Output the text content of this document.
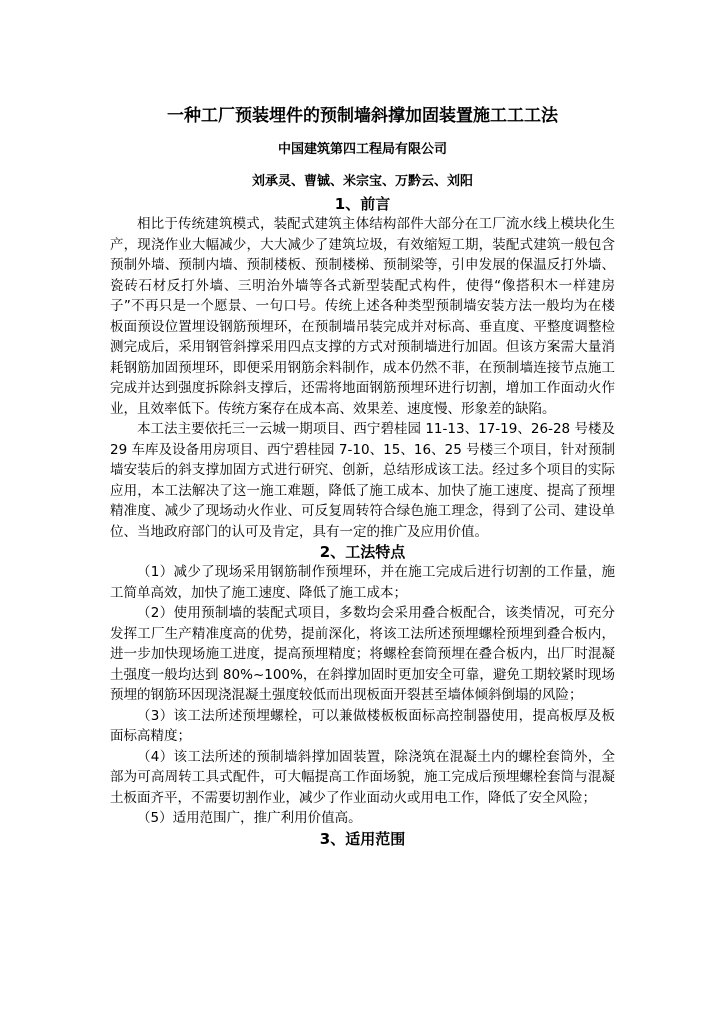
一种工厂预装埋件的预制墙斜撑加固装置施工工工法
中国建筑第四工程局有限公司
刘承灵、曹铖、米宗宝、万黔云、刘阳
1、前言

相比于传统建筑模式，装配式建筑主体结构部件大部分在工厂流水线上模块化生产，现浇作业大幅减少，大大减少了建筑垃圾，有效缩短工期，装配式建筑一般包含预制外墙、预制内墙、预制楼板、预制楼梯、预制梁等，引申发展的保温反打外墙、瓷砖石材反打外墙、三明治外墙等各式新型装配式构件，使得“像搭积木一样建房子”不再只是一个愿景、一句口号。传统上述各种类型预制墙安装方法一般均为在楼板面预设位置埋设钢筋预埋环，在预制墙吊装完成并对标高、垂直度、平整度调整检测完成后，采用钢管斜撑采用四点支撑的方式对预制墙进行加固。但该方案需大量消耗钢筋加固预埋环，即便采用钢筋余料制作，成本仍然不菲，在预制墙连接节点施工完成并达到强度拆除斜支撑后，还需将地面钢筋预埋环进行切割，增加工作面动火作业，且效率低下。传统方案存在成本高、效果差、速度慢、形象差的缺陷。

本工法主要依托三一云城一期项目、西宁碧桂园 11-13、17-19、26-28 号楼及 29 车库及设备用房项目、西宁碧桂园 7-10、15、16、25 号楼三个项目，针对预制墙安装后的斜支撑加固方式进行研究、创新，总结形成该工法。经过多个项目的实际应用，本工法解决了这一施工难题，降低了施工成本、加快了施工速度、提高了预埋精准度、减少了现场动火作业、可反复周转符合绿色施工理念，得到了公司、建设单位、当地政府部门的认可及肯定，具有一定的推广及应用价值。

2、工法特点

（1）减少了现场采用钢筋制作预埋环，并在施工完成后进行切割的工作量，施工简单高效，加快了施工速度、降低了施工成本；

（2）使用预制墙的装配式项目，多数均会采用叠合板配合，该类情况，可充分发挥工厂生产精准度高的优势，提前深化，将该工法所述预埋螺栓预埋到叠合板内，进一步加快现场施工进度，提高预埋精度；将螺栓套筒预埋在叠合板内，出厂时混凝土强度一般均达到 80%~100%，在斜撑加固时更加安全可靠，避免工期较紧时现场预埋的钢筋环因现浇混凝土强度较低而出现板面开裂甚至墙体倾斜倒塌的风险；

（3）该工法所述预埋螺栓，可以兼做楼板板面标高控制器使用，提高板厚及板面标高精度；

（4）该工法所述的预制墙斜撑加固装置，除浇筑在混凝土内的螺栓套筒外，全部为可高周转工具式配件，可大幅提高工作面场貌，施工完成后预埋螺栓套筒与混凝土板面齐平，不需要切割作业，减少了作业面动火或用电工作，降低了安全风险；

（5）适用范围广，推广利用价值高。

3、适用范围
